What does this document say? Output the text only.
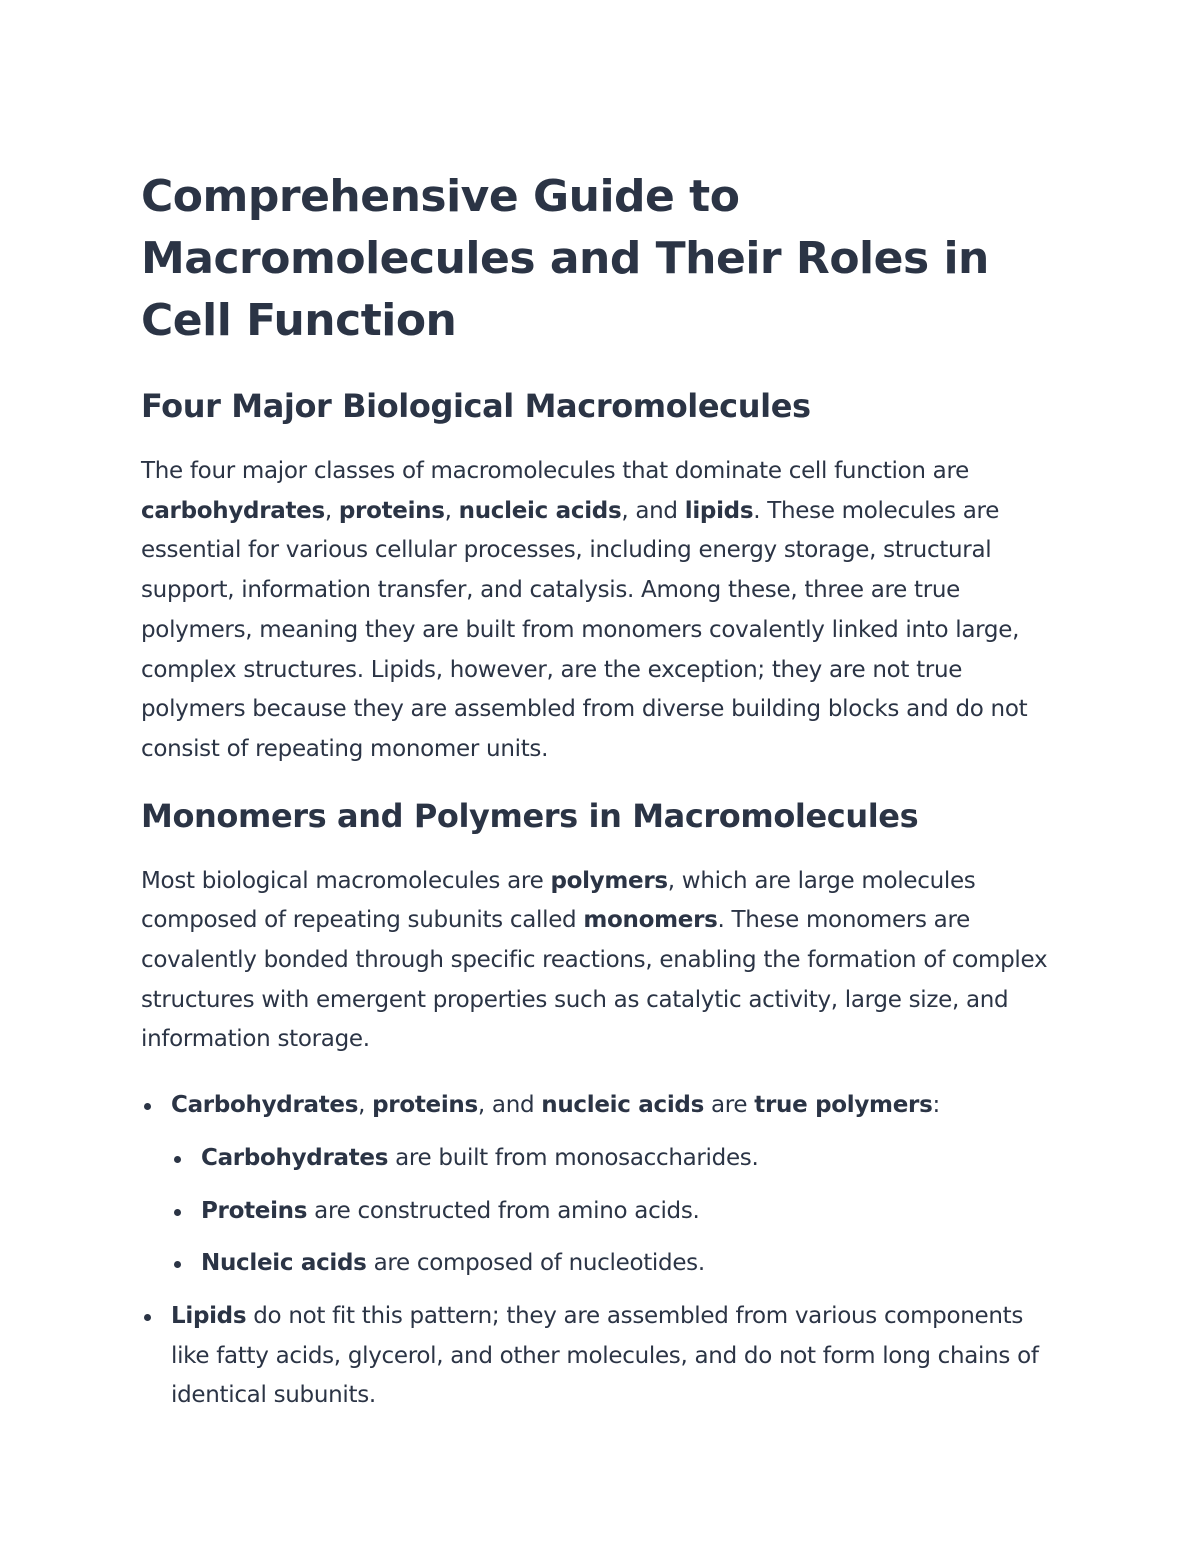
Comprehensive Guide to Macromolecules and Their Roles in Cell Function
Four Major Biological Macromolecules

The four major classes of macromolecules that dominate cell function are carbohydrates, proteins, nucleic acids, and lipids. These molecules are essential for various cellular processes, including energy storage, structural support, information transfer, and catalysis. Among these, three are true polymers, meaning they are built from monomers covalently linked into large, complex structures. Lipids, however, are the exception; they are not true polymers because they are assembled from diverse building blocks and do not consist of repeating monomer units.

Monomers and Polymers in Macromolecules

Most biological macromolecules are polymers, which are large molecules composed of repeating subunits called monomers. These monomers are covalently bonded through specific reactions, enabling the formation of complex structures with emergent properties such as catalytic activity, large size, and information storage.

Carbohydrates, proteins, and nucleic acids are true polymers:
Carbohydrates are built from monosaccharides.
Proteins are constructed from amino acids.
Nucleic acids are composed of nucleotides.
Lipids do not fit this pattern; they are assembled from various components like fatty acids, glycerol, and other molecules, and do not form long chains of identical subunits.
